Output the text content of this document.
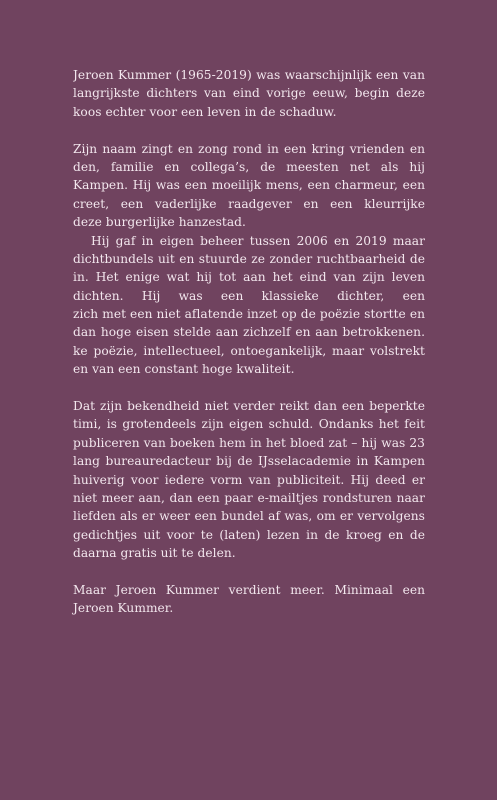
Jeroen Kummer (1965-2019) was waarschijnlijk een van
langrijkste dichters van eind vorige eeuw, begin deze
koos echter voor een leven in de schaduw.
Zijn naam zingt en zong rond in een kring vrienden en
den, familie en collega’s, de meesten net als hij
Kampen. Hij was een moeilijk mens, een charmeur, een
creet, een vaderlijke raadgever en een kleurrijke
deze burgerlijke hanzestad.
Hij gaf in eigen beheer tussen 2006 en 2019 maar
dichtbundels uit en stuurde ze zonder ruchtbaarheid de
in. Het enige wat hij tot aan het eind van zijn leven
dichten. Hij was een klassieke dichter, een
zich met een niet aflatende inzet op de poëzie stortte en
dan hoge eisen stelde aan zichzelf en aan betrokkenen.
ke poëzie, intellectueel, ontoegankelijk, maar volstrekt
en van een constant hoge kwaliteit.
Dat zijn bekendheid niet verder reikt dan een beperkte
timi, is grotendeels zijn eigen schuld. Ondanks het feit
publiceren van boeken hem in het bloed zat – hij was 23
lang bureauredacteur bij de IJsselacademie in Kampen
huiverig voor iedere vorm van publiciteit. Hij deed er
niet meer aan, dan een paar e-mailtjes rondsturen naar
liefden als er weer een bundel af was, om er vervolgens
gedichtjes uit voor te (laten) lezen in de kroeg en de
daarna gratis uit te delen.
Maar Jeroen Kummer verdient meer. Minimaal een
Jeroen Kummer.
